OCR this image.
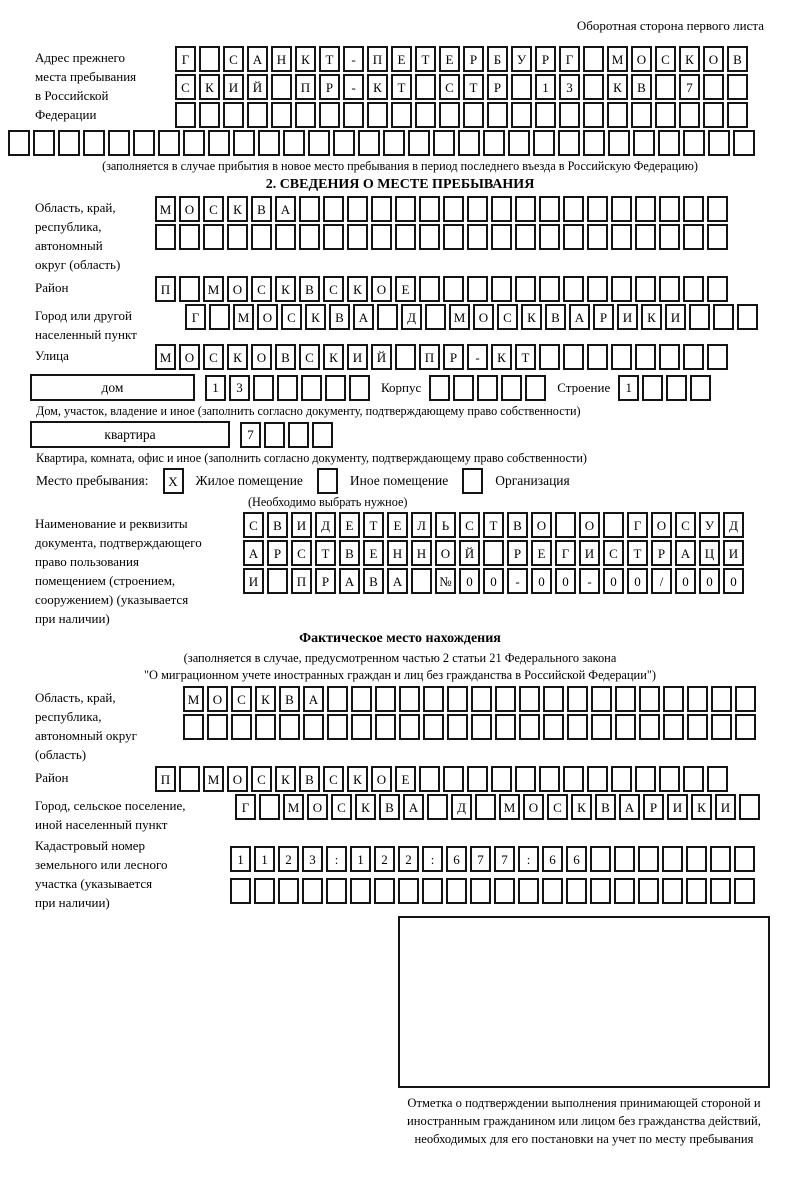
Оборотная сторона первого листа
Адрес прежнего
места пребывания
в Российской
Федерации
Г	С	А	Н	К	Т	-	П	Е	Т	Е	Р	Б	У	Р	Г	М	О	С	К	О	В
С	К	И	Й	П	Р	-	К	Т	С	Т	Р	1	3	К	В	7
(заполняется в случае прибытия в новое место пребывания в период последнего въезда в Российскую Федерацию)
2. СВЕДЕНИЯ О МЕСТЕ ПРЕБЫВАНИЯ
Область, край,
республика,
автономный
округ (область)
М	О	С	К	В	А
Район	П	М	О	С	К	В	С	К	О	Е
Город или другой
населенный пункт
Г	М	О	С	К	В	А	Д	М	О	С	К	В	А	Р	И	К	И
Улица	М	О	С	К	О	В	С	К	И	Й	П	Р	-	К	Т
дом	1	3	Корпус	Строение	1
Дом, участок, владение и иное (заполнить согласно документу, подтверждающему право собственности)
квартира	7
Квартира, комната, офис и иное (заполнить согласно документу, подтверждающему право собственности)
Место пребывания:	X	Жилое помещение	Иное помещение	Организация
(Необходимо выбрать нужное)
Наименование и реквизиты
документа, подтверждающего
право пользования
помещением (строением,
сооружением) (указывается
при наличии)
С	В	И	Д	Е	Т	Е	Л	Ь	С	Т	В	О	О	Г	О	С	У	Д
А	Р	С	Т	В	Е	Н	Н	О	Й	Р	Е	Г	И	С	Т	Р	А	Ц	И
И	П	Р	А	В	А	№	0	0	-	0	0	-	0	0	/	0	0	0
Фактическое место нахождения
(заполняется в случае, предусмотренном частью 2 статьи 21 Федерального закона
"О миграционном учете иностранных граждан и лиц без гражданства в Российской Федерации")
Область, край,
республика,
автономный округ
(область)
М	О	С	К	В	А
Район	П	М	О	С	К	В	С	К	О	Е
Город, сельское поселение,
иной населенный пункт
Г	М	О	С	К	В	А	Д	М	О	С	К	В	А	Р	И	К	И
Кадастровый номер
земельного или лесного
участка (указывается
при наличии)
1	1	2	3	:	1	2	2	:	6	7	7	:	6	6
Отметка о подтверждении выполнения принимающей стороной и иностранным гражданином или лицом без гражданства действий, необходимых для его постановки на учет по месту пребывания
